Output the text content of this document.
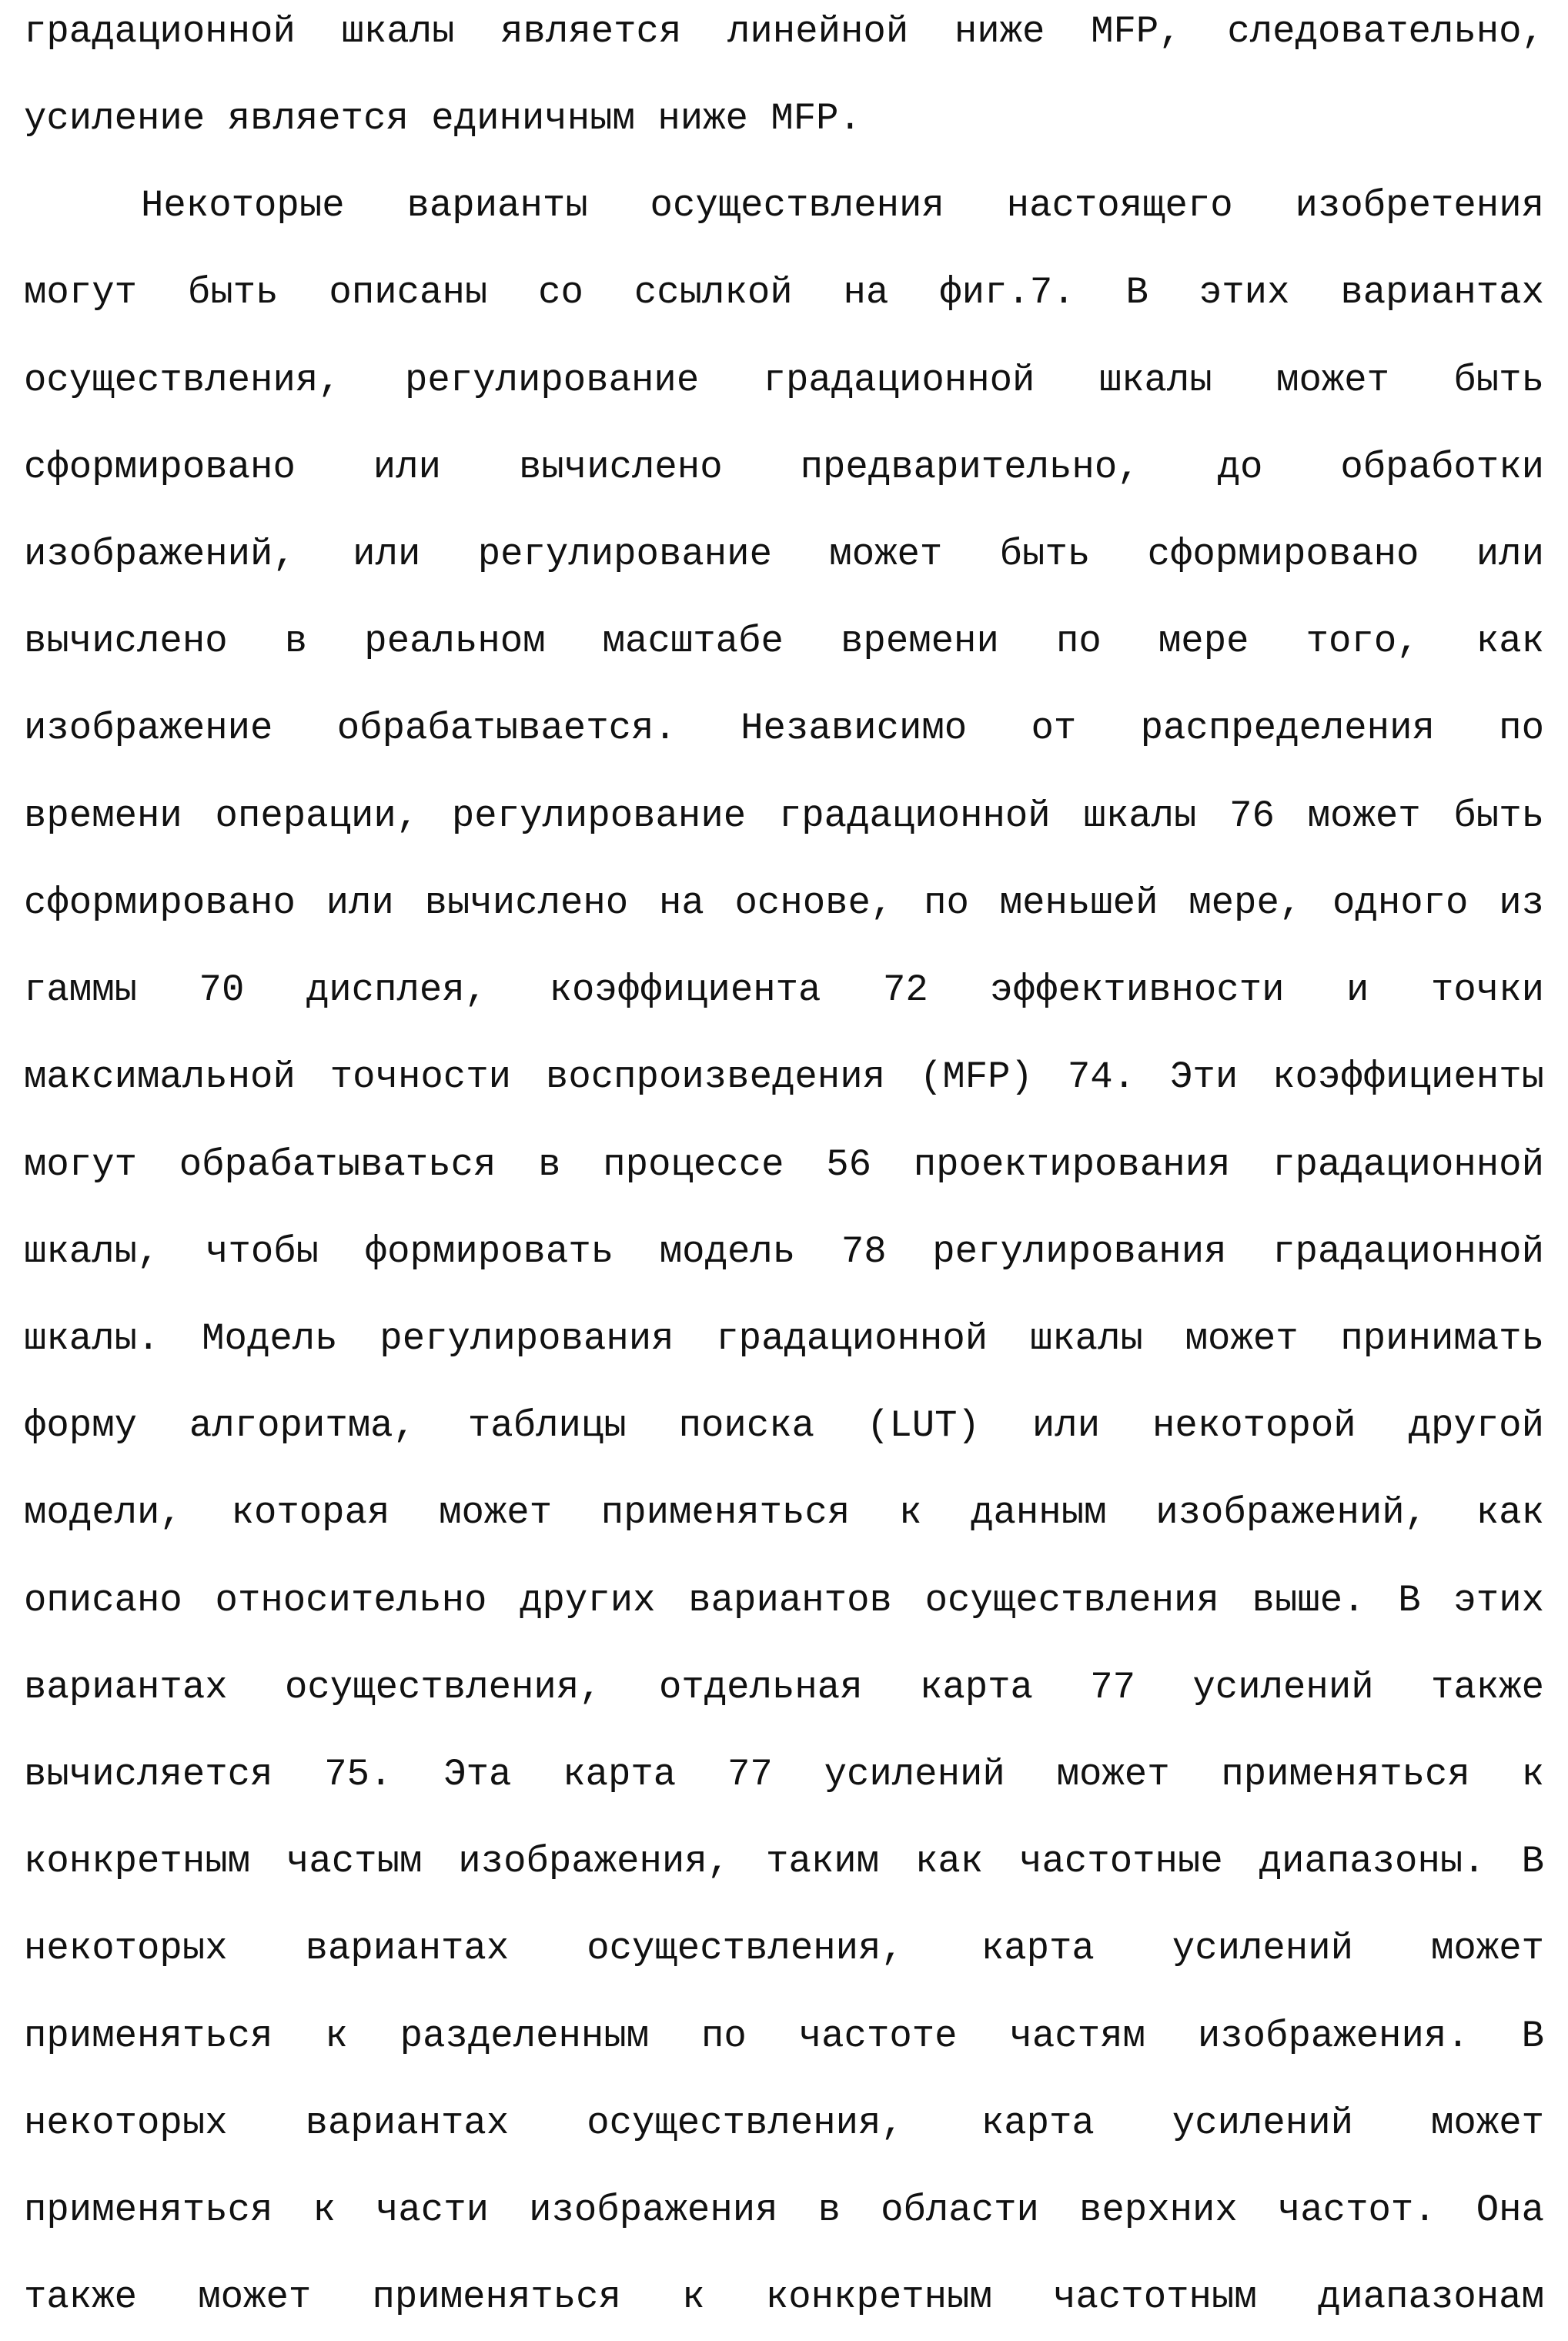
градационной шкалы является линейной ниже MFP, следовательно,
усиление является единичным ниже MFP.
Некоторые варианты осуществления настоящего изобретения
могут быть описаны со ссылкой на фиг.7. В этих вариантах
осуществления, регулирование градационной шкалы может быть
сформировано или вычислено предварительно, до обработки
изображений, или регулирование может быть сформировано или
вычислено в реальном масштабе времени по мере того, как
изображение обрабатывается. Независимо от распределения по
времени операции, регулирование градационной шкалы 76 может быть
сформировано или вычислено на основе, по меньшей мере, одного из
гаммы 70 дисплея, коэффициента 72 эффективности и точки
максимальной точности воспроизведения (MFP) 74. Эти коэффициенты
могут обрабатываться в процессе 56 проектирования градационной
шкалы, чтобы формировать модель 78 регулирования градационной
шкалы. Модель регулирования градационной шкалы может принимать
форму алгоритма, таблицы поиска (LUT) или некоторой другой
модели, которая может применяться к данным изображений, как
описано относительно других вариантов осуществления выше. В этих
вариантах осуществления, отдельная карта 77 усилений также
вычисляется 75. Эта карта 77 усилений может применяться к
конкретным частым изображения, таким как частотные диапазоны. В
некоторых вариантах осуществления, карта усилений может
применяться к разделенным по частоте частям изображения. В
некоторых вариантах осуществления, карта усилений может
применяться к части изображения в области верхних частот. Она
также может применяться к конкретным частотным диапазонам
